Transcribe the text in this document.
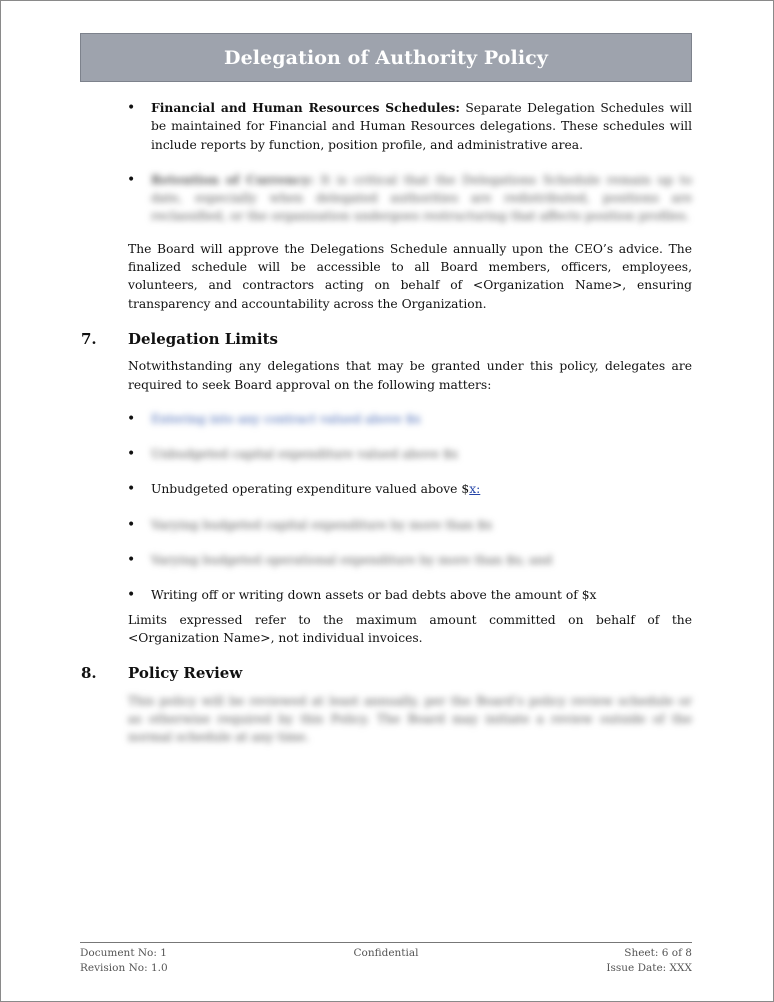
Delegation of Authority Policy
• Financial and Human Resources Schedules: Separate Delegation Schedules will be maintained for Financial and Human Resources delegations. These schedules will include reports by function, position profile, and administrative area.
• Retention of Currency: It is critical that the Delegations Schedule remain up to date, especially when delegated authorities are redistributed, positions are reclassified, or the organization undergoes restructuring that affects position profiles.
The Board will approve the Delegations Schedule annually upon the CEO’s advice. The finalized schedule will be accessible to all Board members, officers, employees, volunteers, and contractors acting on behalf of <Organization Name>, ensuring transparency and accountability across the Organization.
7.	Delegation Limits
Notwithstanding any delegations that may be granted under this policy, delegates are required to seek Board approval on the following matters:
• Entering into any contract valued above $x
• Unbudgeted capital expenditure valued above $x
• Unbudgeted operating expenditure valued above $x:
• Varying budgeted capital expenditure by more than $x
• Varying budgeted operational expenditure by more than $x; and
• Writing off or writing down assets or bad debts above the amount of $x
Limits expressed refer to the maximum amount committed on behalf of the <Organization Name>, not individual invoices.
8.	Policy Review
This policy will be reviewed at least annually, per the Board’s policy review schedule or as otherwise required by this Policy. The Board may initiate a review outside of the normal schedule at any time.
Document No: 1	Confidential	Sheet: 6 of 8
Revision No: 1.0	Issue Date: XXX
